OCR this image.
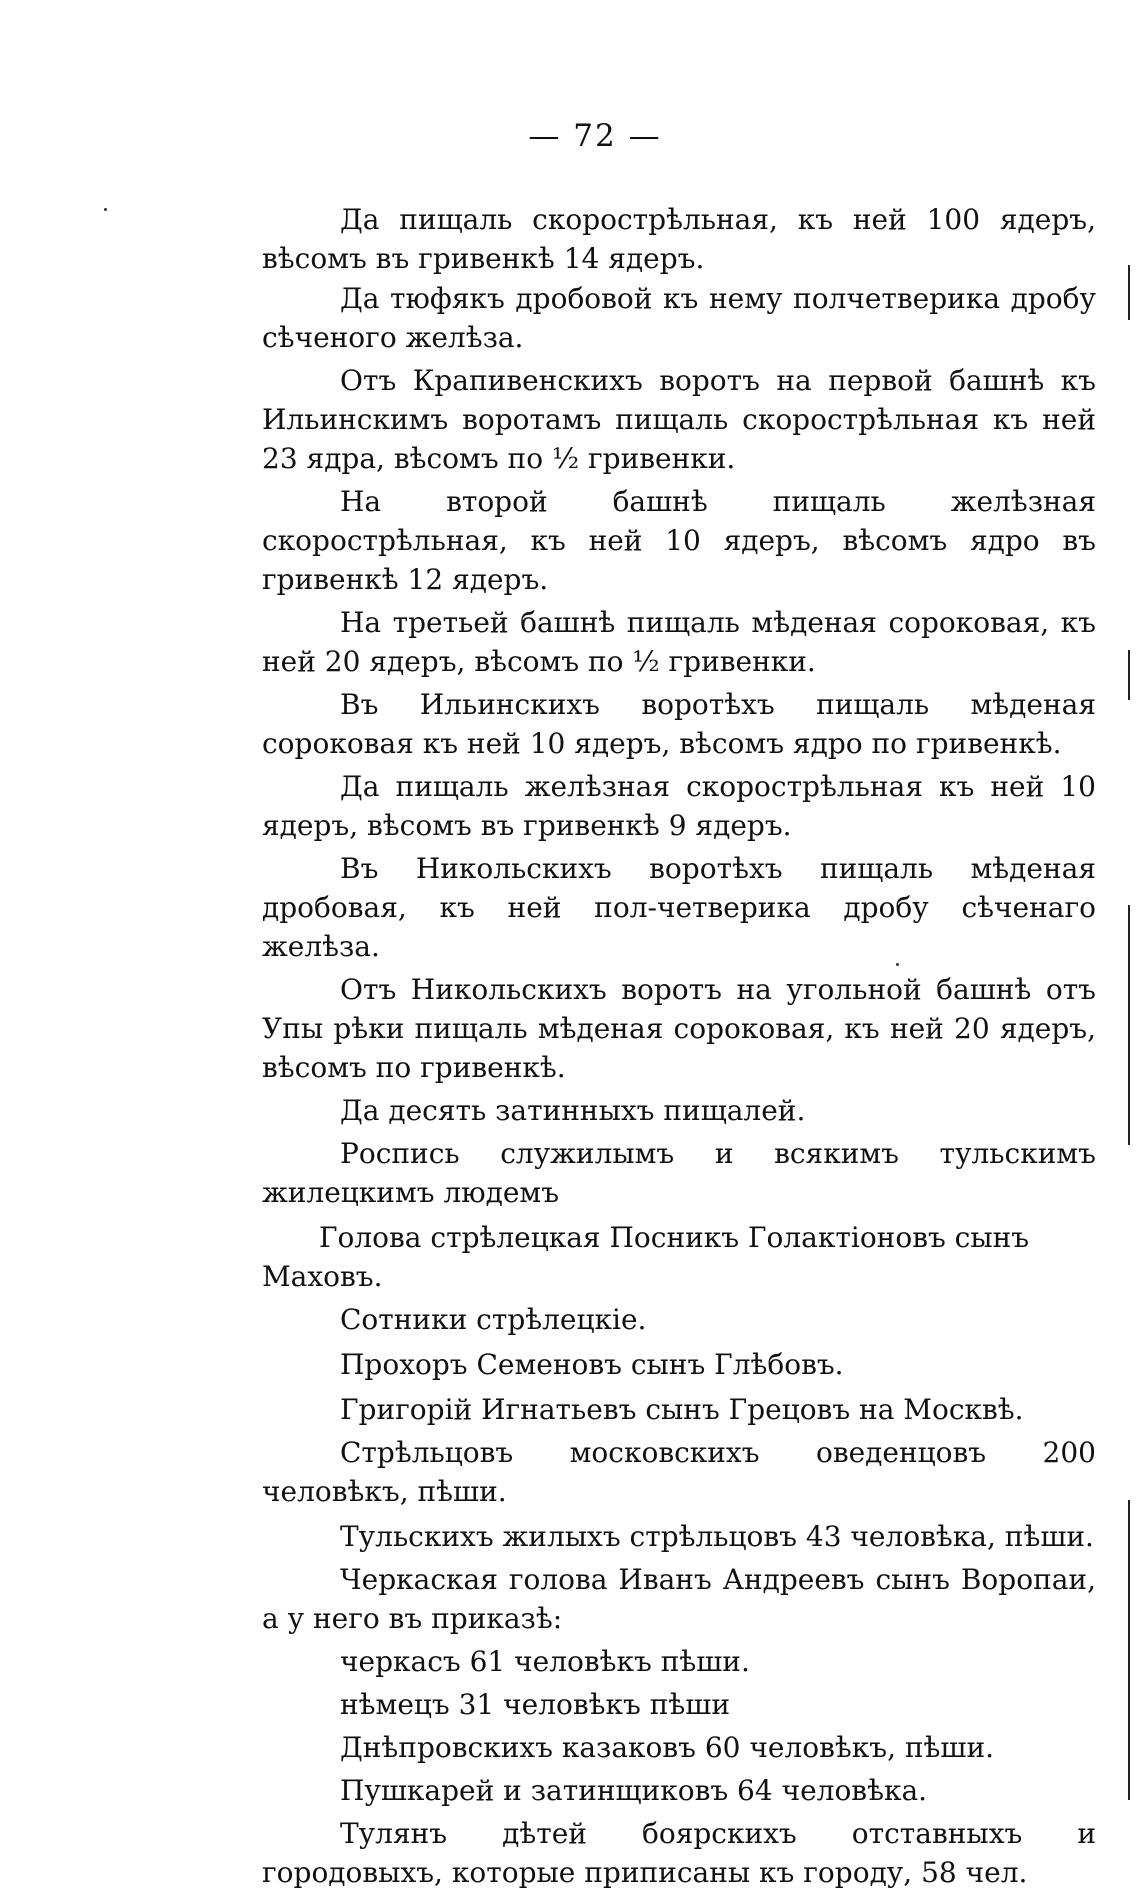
— 72 —

Да пищаль скорострѣльная, къ ней 100 ядеръ, вѣсомъ въ гривенкѣ 14 ядеръ.

Да тюфякъ дробовой къ нему полчетверика дробу сѣченого желѣза.

Отъ Крапивенскихъ воротъ на первой башнѣ къ Ильинскимъ воротамъ пищаль скорострѣльная къ ней 23 ядра, вѣсомъ по ½ гривенки.

На второй башнѣ пищаль желѣзная скорострѣльная, къ ней 10 ядеръ, вѣсомъ ядро въ гривенкѣ 12 ядеръ.

На третьей башнѣ пищаль мѣденая сороковая, къ ней 20 ядеръ, вѣсомъ по ½ гривенки.

Въ Ильинскихъ воротѣхъ пищаль мѣденая сороковая къ ней 10 ядеръ, вѣсомъ ядро по гривенкѣ.

Да пищаль желѣзная скорострѣльная къ ней 10 ядеръ, вѣсомъ въ гривенкѣ 9 ядеръ.

Въ Никольскихъ воротѣхъ пищаль мѣденая дробовая, къ ней пол-четверика дробу сѣченаго желѣза.

Отъ Никольскихъ воротъ на угольной башнѣ отъ Упы рѣки пищаль мѣденая сороковая, къ ней 20 ядеръ, вѣсомъ по гривенкѣ.

Да десять затинныхъ пищалей.

Роспись служилымъ и всякимъ тульскимъ жилецкимъ людемъ

Голова стрѣлецкая Посникъ Голактіоновъ сынъ Маховъ.

Сотники стрѣлецкіе.

Прохоръ Семеновъ сынъ Глѣбовъ.

Григорій Игнатьевъ сынъ Грецовъ на Москвѣ.

Стрѣльцовъ московскихъ оведенцовъ 200 человѣкъ, пѣши.

Тульскихъ жилыхъ стрѣльцовъ 43 человѣка, пѣши.

Черкаская голова Иванъ Андреевъ сынъ Воропаи, а у него въ приказѣ:

черкасъ 61 человѣкъ пѣши.

нѣмецъ 31 человѣкъ пѣши

Днѣпровскихъ казаковъ 60 человѣкъ, пѣши.

Пушкарей и затинщиковъ 64 человѣка.

Тулянъ дѣтей боярскихъ отставныхъ и городовыхъ, которые приписаны къ городу, 58 чел.
